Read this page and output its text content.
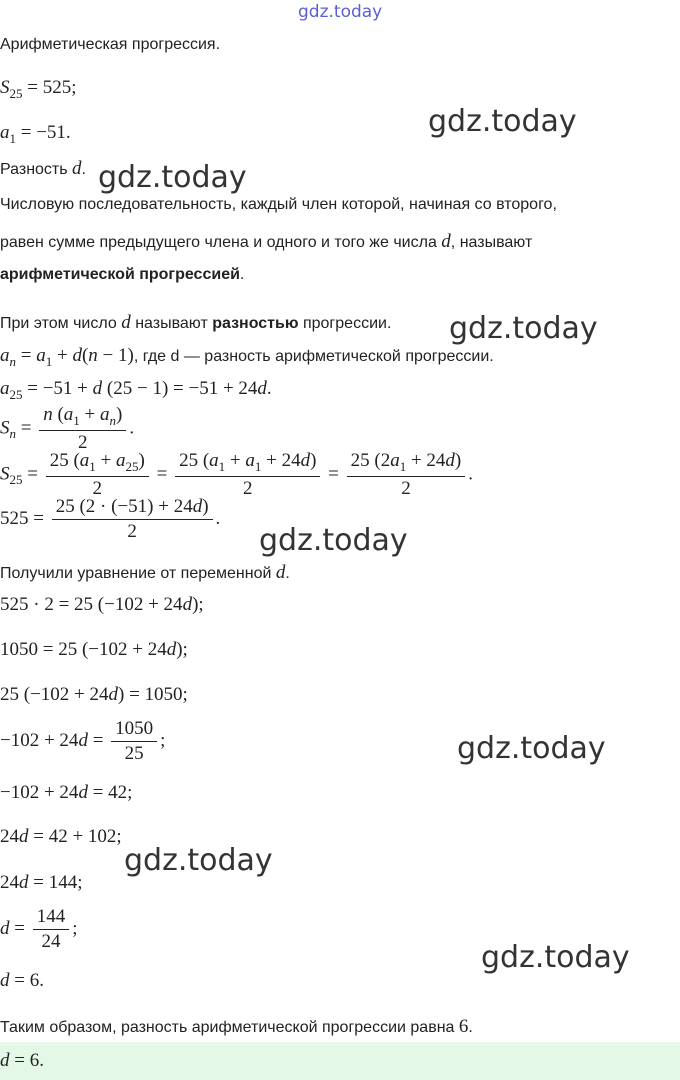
gdz.today
Арифметическая прогрессия.
$S_{25} = 525$;
$a_1 = -51$.
Разность d.
Числовую последовательность, каждый член которой, начиная со второго,
равен сумме предыдущего члена и одного и того же числа d, называют
арифметической прогрессией.
При этом число d называют разностью прогрессии.
$a_n = a_1 + d(n - 1)$, где d — разность арифметической прогрессии.
$a_{25} = -51 + d$ (25 − 1) = −51 + 24d.
$S_n = \frac{n (a_1 + a_n)}{2}$ .
$S_{25} = \frac{25 (a_1 + a_{25})}{2} = \frac{25 (a_1 + a_1 + 24d)}{2} = \frac{25 (2a_1 + 24d)}{2}$ .
$525 = \frac{25 (2 \cdot (-51) + 24d)}{2}$ .
Получили уравнение от переменной d.
525 · 2 = 25 (−102 + 24d);
1050 = 25 (−102 + 24d);
25 (−102 + 24d) = 1050;
$-102 + 24d = \frac{1050}{25}$ ;
−102 + 24d = 42;
24d = 42 + 102;
24d = 144;
$d = \frac{144}{24}$ ;
d = 6.
Таким образом, разность арифметической прогрессии равна 6.
d = 6.
gdz.today
gdz.today
gdz.today
gdz.today
gdz.today
gdz.today
gdz.today
